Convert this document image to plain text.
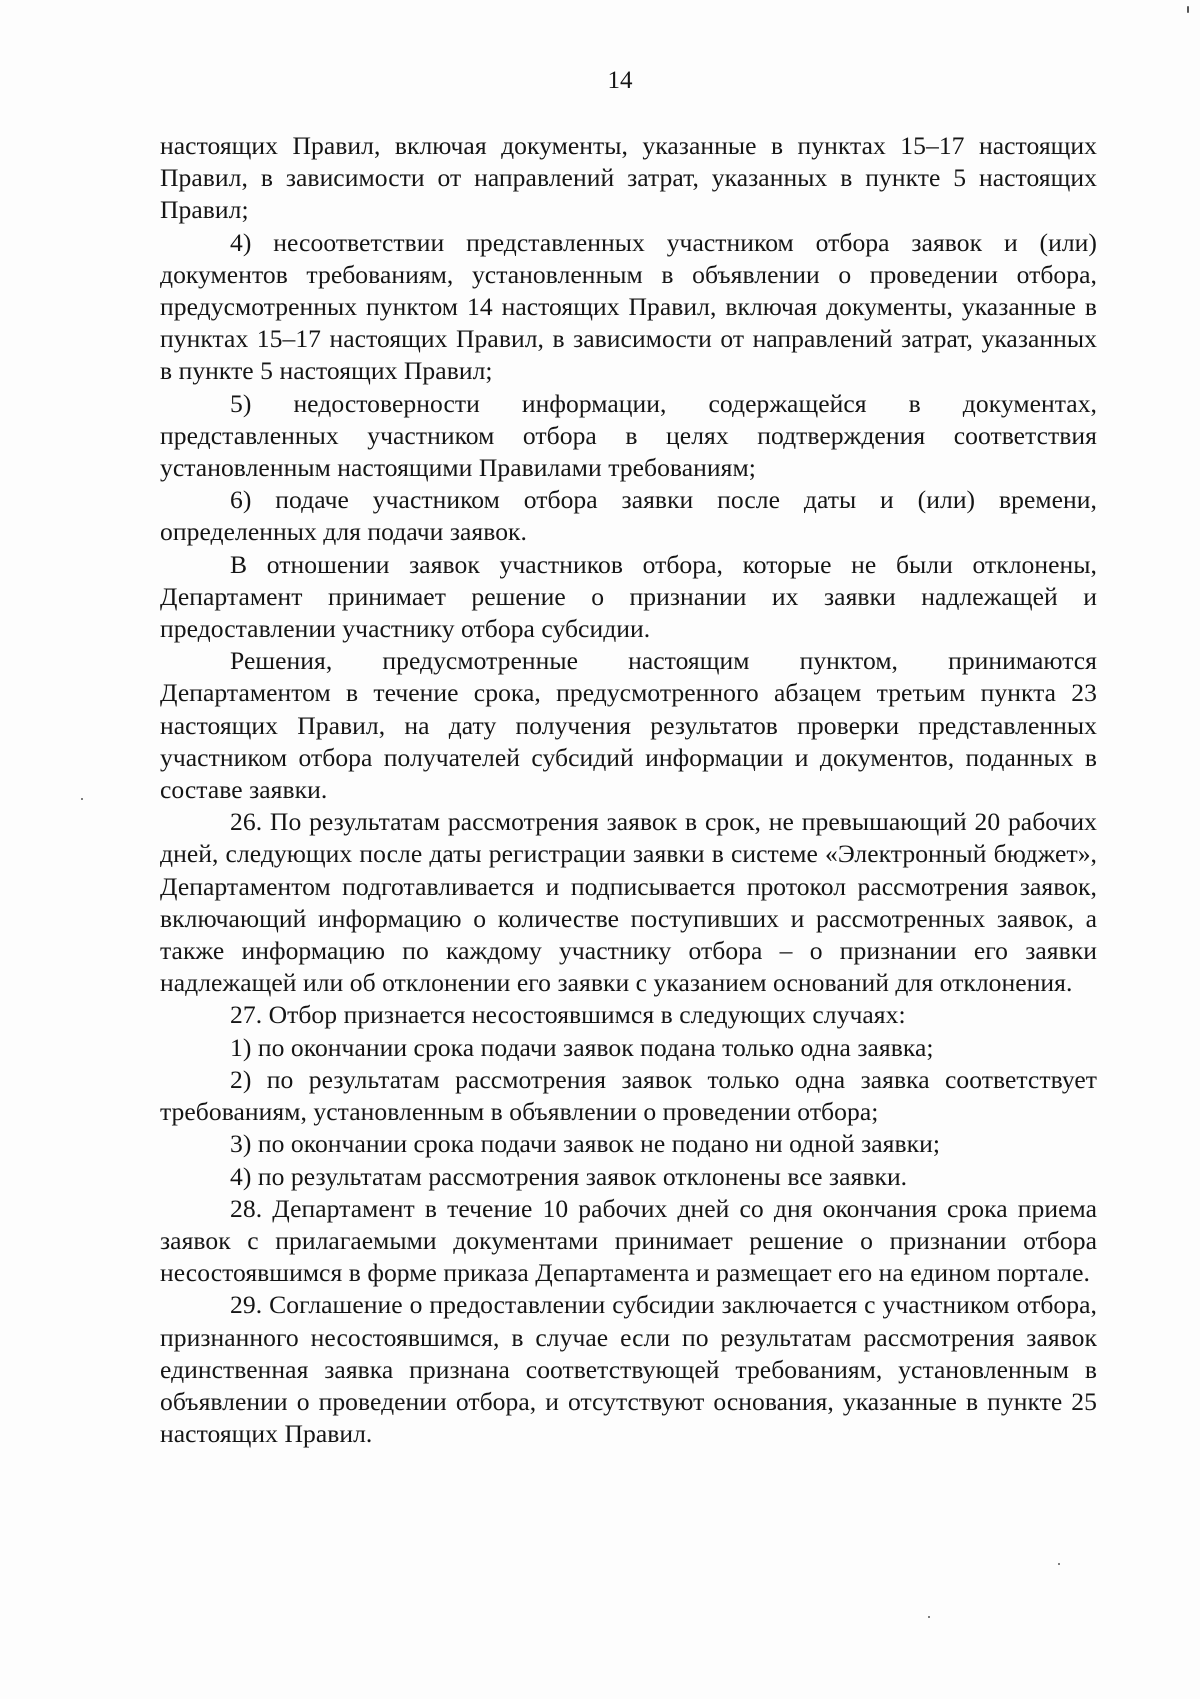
14

настоящих Правил, включая документы, указанные в пунктах 15–17 настоящих Правил, в зависимости от направлений затрат, указанных в пункте 5 настоящих Правил;

4) несоответствии представленных участником отбора заявок и (или) документов требованиям, установленным в объявлении о проведении отбора, предусмотренных пунктом 14 настоящих Правил, включая документы, указанные в пунктах 15–17 настоящих Правил, в зависимости от направлений затрат, указанных в пункте 5 настоящих Правил;

5) недостоверности информации, содержащейся в документах, представленных участником отбора в целях подтверждения соответствия установленным настоящими Правилами требованиям;

6) подаче участником отбора заявки после даты и (или) времени, определенных для подачи заявок.

В отношении заявок участников отбора, которые не были отклонены, Департамент принимает решение о признании их заявки надлежащей и предоставлении участнику отбора субсидии.

Решения, предусмотренные настоящим пунктом, принимаются Департаментом в течение срока, предусмотренного абзацем третьим пункта 23 настоящих Правил, на дату получения результатов проверки представленных участником отбора получателей субсидий информации и документов, поданных в составе заявки.

26. По результатам рассмотрения заявок в срок, не превышающий 20 рабочих дней, следующих после даты регистрации заявки в системе «Электронный бюджет», Департаментом подготавливается и подписывается протокол рассмотрения заявок, включающий информацию о количестве поступивших и рассмотренных заявок, а также информацию по каждому участнику отбора – о признании его заявки надлежащей или об отклонении его заявки с указанием оснований для отклонения.

27. Отбор признается несостоявшимся в следующих случаях:

1) по окончании срока подачи заявок подана только одна заявка;

2) по результатам рассмотрения заявок только одна заявка соответствует требованиям, установленным в объявлении о проведении отбора;

3) по окончании срока подачи заявок не подано ни одной заявки;

4) по результатам рассмотрения заявок отклонены все заявки.

28. Департамент в течение 10 рабочих дней со дня окончания срока приема заявок с прилагаемыми документами принимает решение о признании отбора несостоявшимся в форме приказа Департамента и размещает его на едином портале.

29. Соглашение о предоставлении субсидии заключается с участником отбора, признанного несостоявшимся, в случае если по результатам рассмотрения заявок единственная заявка признана соответствующей требованиям, установленным в объявлении о проведении отбора, и отсутствуют основания, указанные в пункте 25 настоящих Правил.
